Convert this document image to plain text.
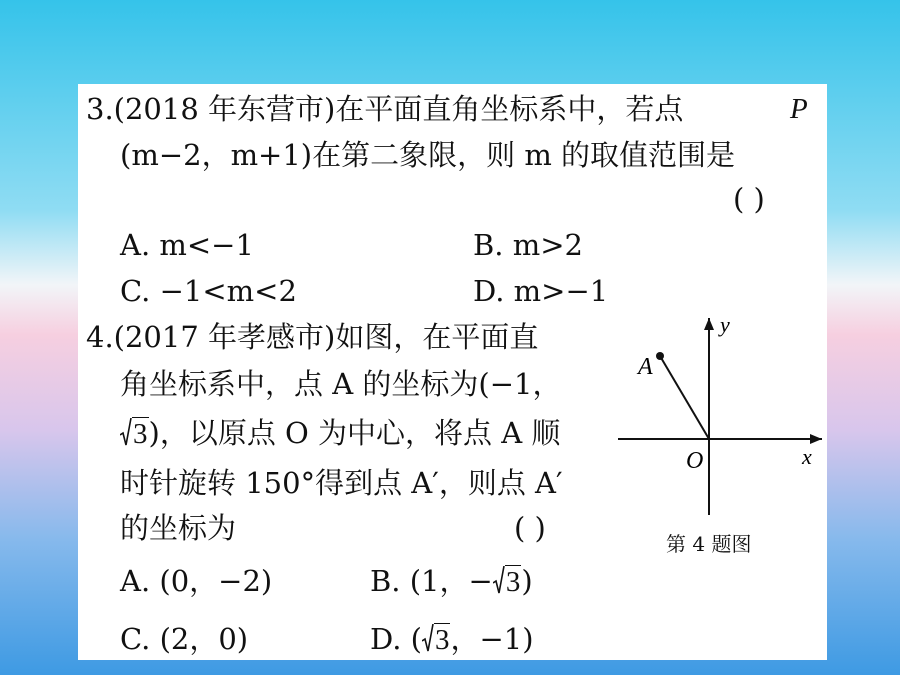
3.(2018 年东营市)在平面直角坐标系中，若点	P
(m−2，m+1)在第二象限，则 m 的取值范围是
( )
A. m<−1	B. m>2
C. −1<m<2	D. m>−1
4.(2017 年孝感市)如图，在平面直
角坐标系中，点 A 的坐标为(−1，
3)，以原点 O 为中心，将点 A 顺
时针旋转 150°得到点 A′，则点 A′
的坐标为	( )
A. (0，−2)	B. (1，− 3)
C. (2，0)	D. ( 3，−1)
y
x
O
A
第 4 题图
